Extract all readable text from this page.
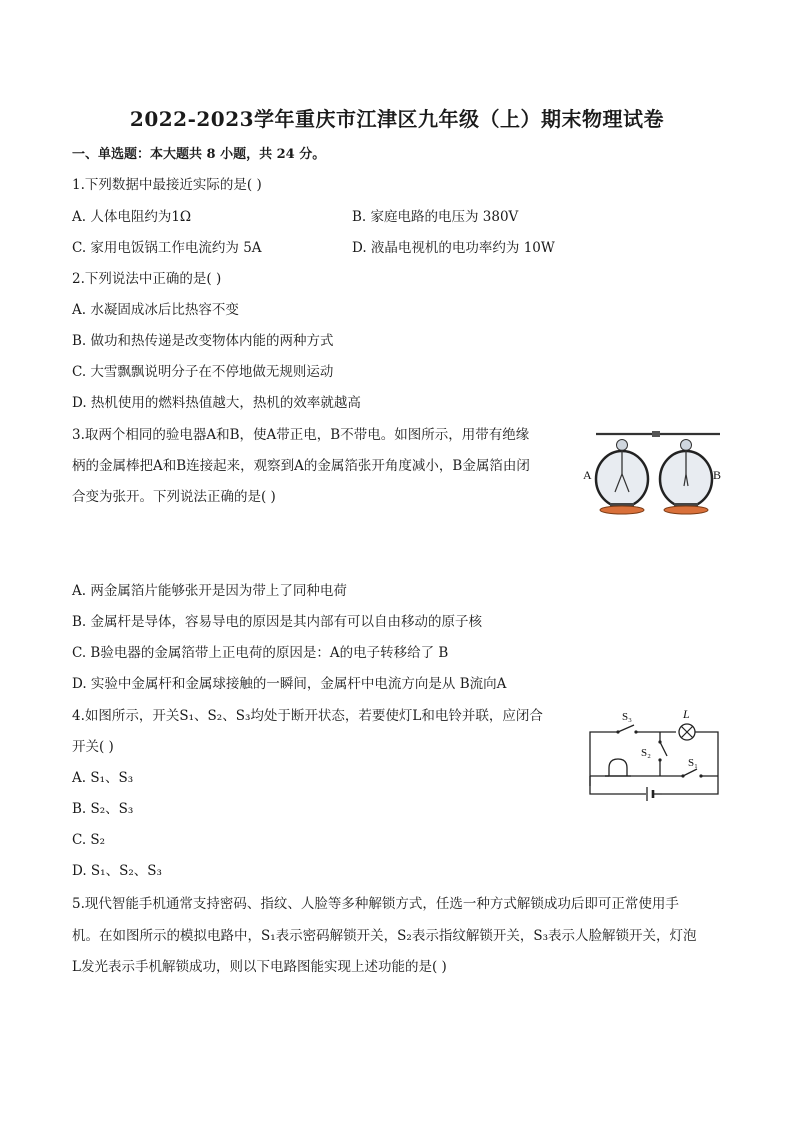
2022-2023学年重庆市江津区九年级（上）期末物理试卷
一、单选题：本大题共 8 小题，共 24 分。
1.下列数据中最接近实际的是( )
A. 人体电阻约为1Ω	B. 家庭电路的电压为 380V
C. 家用电饭锅工作电流约为 5A	D. 液晶电视机的电功率约为 10W
2.下列说法中正确的是( )
A. 水凝固成冰后比热容不变
B. 做功和热传递是改变物体内能的两种方式
C. 大雪飘飘说明分子在不停地做无规则运动
D. 热机使用的燃料热值越大，热机的效率就越高
3.取两个相同的验电器A和B，使A带正电，B不带电。如图所示，用带有绝缘
柄的金属棒把A和B连接起来，观察到A的金属箔张开角度减小，B金属箔由闭
合变为张开。下列说法正确的是( )
A	B
A. 两金属箔片能够张开是因为带上了同种电荷
B. 金属杆是导体，容易导电的原因是其内部有可以自由移动的原子核
C. B验电器的金属箔带上正电荷的原因是：A的电子转移给了 B
D. 实验中金属杆和金属球接触的一瞬间，金属杆中电流方向是从 B流向A
4.如图所示，开关S₁、S₂、S₃均处于断开状态，若要使灯L和电铃并联，应闭合
开关( )
A. S₁、S₃
B. S₂、S₃
C. S₂
D. S₁、S₂、S₃
S₃	L
S₂
S₁
5.现代智能手机通常支持密码、指纹、人脸等多种解锁方式，任选一种方式解锁成功后即可正常使用手
机。在如图所示的模拟电路中，S₁表示密码解锁开关，S₂表示指纹解锁开关，S₃表示人脸解锁开关，灯泡
L发光表示手机解锁成功，则以下电路图能实现上述功能的是( )
